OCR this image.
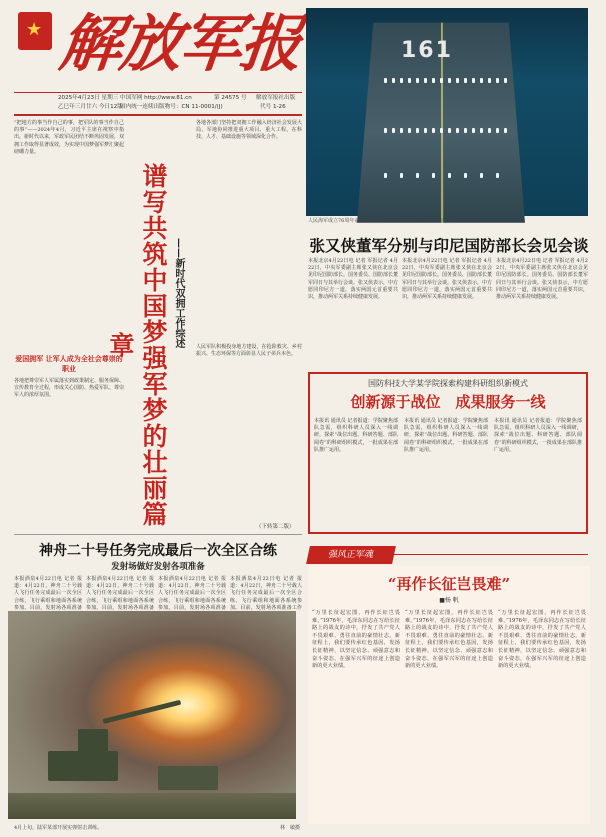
★
解放军报
2025年4月23日 星期三
乙巳年三月廿六 今日12版
中国军网 http://www.81.cn	第 24575 号	解放军报社出版
国内统一连续出版物号：CN 11-0001/(J)	代号 1-26
161
人民海军成立76周年前夕，官兵在某型驱逐舰甲板上列队展示，迎接节日到来。
“把地方的事当作自己的事，把军队的事当作自己的事”——2024年4月，习近平主席在视察中指出。新时代以来，军政军民团结不断巩固发展，双拥工作取得显著成效，为实现中国梦强军梦汇聚起磅礴力量。
爱国拥军 让军人成为全社会尊崇的职业
各地把尊崇军人军属落实到政策制定、服务保障、宣传教育全过程，形成关心国防、热爱军队、尊崇军人的浓厚氛围。	谱写共筑中国梦强军梦的壮丽篇章	——新时代双拥工作综述
各地各部门坚持把双拥工作融入经济社会发展大局，军地协同推进重大项目、重大工程，在科技、人才、基础设施等领域深化合作。
人民军队积极投身地方建设，在抢险救灾、乡村振兴、生态环保等方面彰显人民子弟兵本色。
（下转第二版）
张又侠董军分别与印尼国防部长会见会谈
本报北京4月22日电 记者 军报记者 4月22日，中央军委副主席张又侠在北京会见印尼国防部长。国务委员、国防部长董军同日与其举行会谈。张又侠表示，中方愿同印尼方一道，落实两国元首重要共识，推动两军关系持续健康发展。
本报北京4月22日电 记者 军报记者 4月22日，中央军委副主席张又侠在北京会见印尼国防部长。国务委员、国防部长董军同日与其举行会谈。张又侠表示，中方愿同印尼方一道，落实两国元首重要共识，推动两军关系持续健康发展。
本报北京4月22日电 记者 军报记者 4月22日，中央军委副主席张又侠在北京会见印尼国防部长。国务委员、国防部长董军同日与其举行会谈。张又侠表示，中方愿同印尼方一道，落实两国元首重要共识，推动两军关系持续健康发展。
国防科技大学某学院探索构建科研组织新模式
创新源于战位　成果服务一线
本报讯 通讯员 记者报道：学院聚焦部队急需，组织科研人员深入一线调研，探索“战位出题、科研答题、部队阅卷”的科研组织模式，一批成果在部队推广运用。
本报讯 通讯员 记者报道：学院聚焦部队急需，组织科研人员深入一线调研，探索“战位出题、科研答题、部队阅卷”的科研组织模式，一批成果在部队推广运用。
本报讯 通讯员 记者报道：学院聚焦部队急需，组织科研人员深入一线调研，探索“战位出题、科研答题、部队阅卷”的科研组织模式，一批成果在部队推广运用。
神舟二十号任务完成最后一次全区合练
发射场做好发射各项准备
本报酒泉4月22日电 记者 报道：4月22日，神舟二十号载人飞行任务完成最后一次全区合练，飞行乘组和地面各系统参加。目前，发射场各项准备
本报酒泉4月22日电 记者 报道：4月22日，神舟二十号载人飞行任务完成最后一次全区合练，飞行乘组和地面各系统参加。目前，发射场各项准备
本报酒泉4月22日电 记者 报道：4月22日，神舟二十号载人飞行任务完成最后一次全区合练，飞行乘组和地面各系统参加。目前，发射场各项准备
本报酒泉4月22日电 记者 报道：4月22日，神舟二十号载人飞行任务完成最后一次全区合练，飞行乘组和地面各系统参加。目前，发射场各项准备工作
4月上旬，陆军某部开展实弹射击训练。	林　敏摄
强风正军魂
“再作长征岂畏难”
■杨 帆
“万里长征起宏图，再作长征岂畏难。”1976年，毛泽东同志在写给长征路上的战友的诗中，抒发了共产党人不畏艰难、勇往直前的豪情壮志。新征程上，我们要传承红色基因，发扬长征精神，以坚定信念、顽强意志和奋斗姿态，在强军兴军的征途上创造新的更大业绩。
“万里长征起宏图，再作长征岂畏难。”1976年，毛泽东同志在写给长征路上的战友的诗中，抒发了共产党人不畏艰难、勇往直前的豪情壮志。新征程上，我们要传承红色基因，发扬长征精神，以坚定信念、顽强意志和奋斗姿态，在强军兴军的征途上创造新的更大业绩。
“万里长征起宏图，再作长征岂畏难。”1976年，毛泽东同志在写给长征路上的战友的诗中，抒发了共产党人不畏艰难、勇往直前的豪情壮志。新征程上，我们要传承红色基因，发扬长征精神，以坚定信念、顽强意志和奋斗姿态，在强军兴军的征途上创造新的更大业绩。
